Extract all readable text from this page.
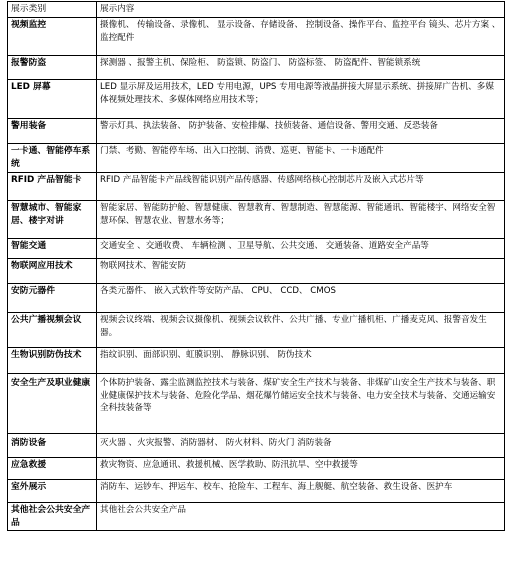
展示类别	展示内容
视频监控	摄像机、 传输设备、录像机、 显示设备、存储设备、 控制设备、操作平台、监控平台 镜头、芯片方案 、 监控配件
报警防盗	探测器 、报警主机、保险柜、 防盗锁、防盗门、 防盗标签、 防盗配件、智能锁系统
LED 屏幕	LED 显示屏及运用技术，LED 专用电源，UPS 专用电源等液晶拼接大屏显示系统、拼接屏广告机、多媒体视频处理技术、多媒体网络应用技术等；
警用装备	警示灯具、执法装备、 防护装备、安检排爆、技侦装备、通信设备、警用交通、反恐装备
一卡通、智能停车系统	门禁、考勤、智能停车场、出入口控制、消费、巡更、智能卡、一卡通配件
RFID 产品智能卡	RFID 产品智能卡产品线智能识别产品传感器、传感网络核心控制芯片及嵌入式芯片等
智慧城市、智能家居、楼宇对讲	智能家居、智能防护舱、智慧健康、智慧教育、智慧制造、智慧能源、智能通讯、智能楼宇、网络安全智慧环保、智慧农业、智慧水务等；
智能交通	交通安全 、交通收费、 车辆检测 、卫星导航、公共交通、 交通装备、道路安全产品等
物联网应用技术	物联网技术、智能安防
安防元器件	各类元器件、 嵌入式软件等安防产品、 CPU、 CCD、 CMOS
公共广播视频会议	视频会议终端、视频会议摄像机、视频会议软件、公共广播、专业广播机柜、广播麦克风、报警音发生器。
生物识别防伪技术	指纹识别、面部识别、虹膜识别、 静脉识别、 防伪技术
安全生产及职业健康	个体防护装备、露尘监测监控技术与装备、煤矿安全生产技术与装备、非煤矿山安全生产技术与装备、职业健康保护技术与装备、危险化学品、烟花爆竹储运安全技术与装备、电力安全技术与装备、交通运输安全科技装备等
消防设备	灭火器 、火灾报警、消防器材、 防火材料、防火门 消防装备
应急救援	救灾物资、应急通讯、救援机械、医学救助、防汛抗旱、空中救援等
室外展示	消防车、运钞车、押运车、校车、抢险车、工程车、海上舰艇、航空装备、救生设备、医护车
其他社会公共安全产品	其他社会公共安全产品
